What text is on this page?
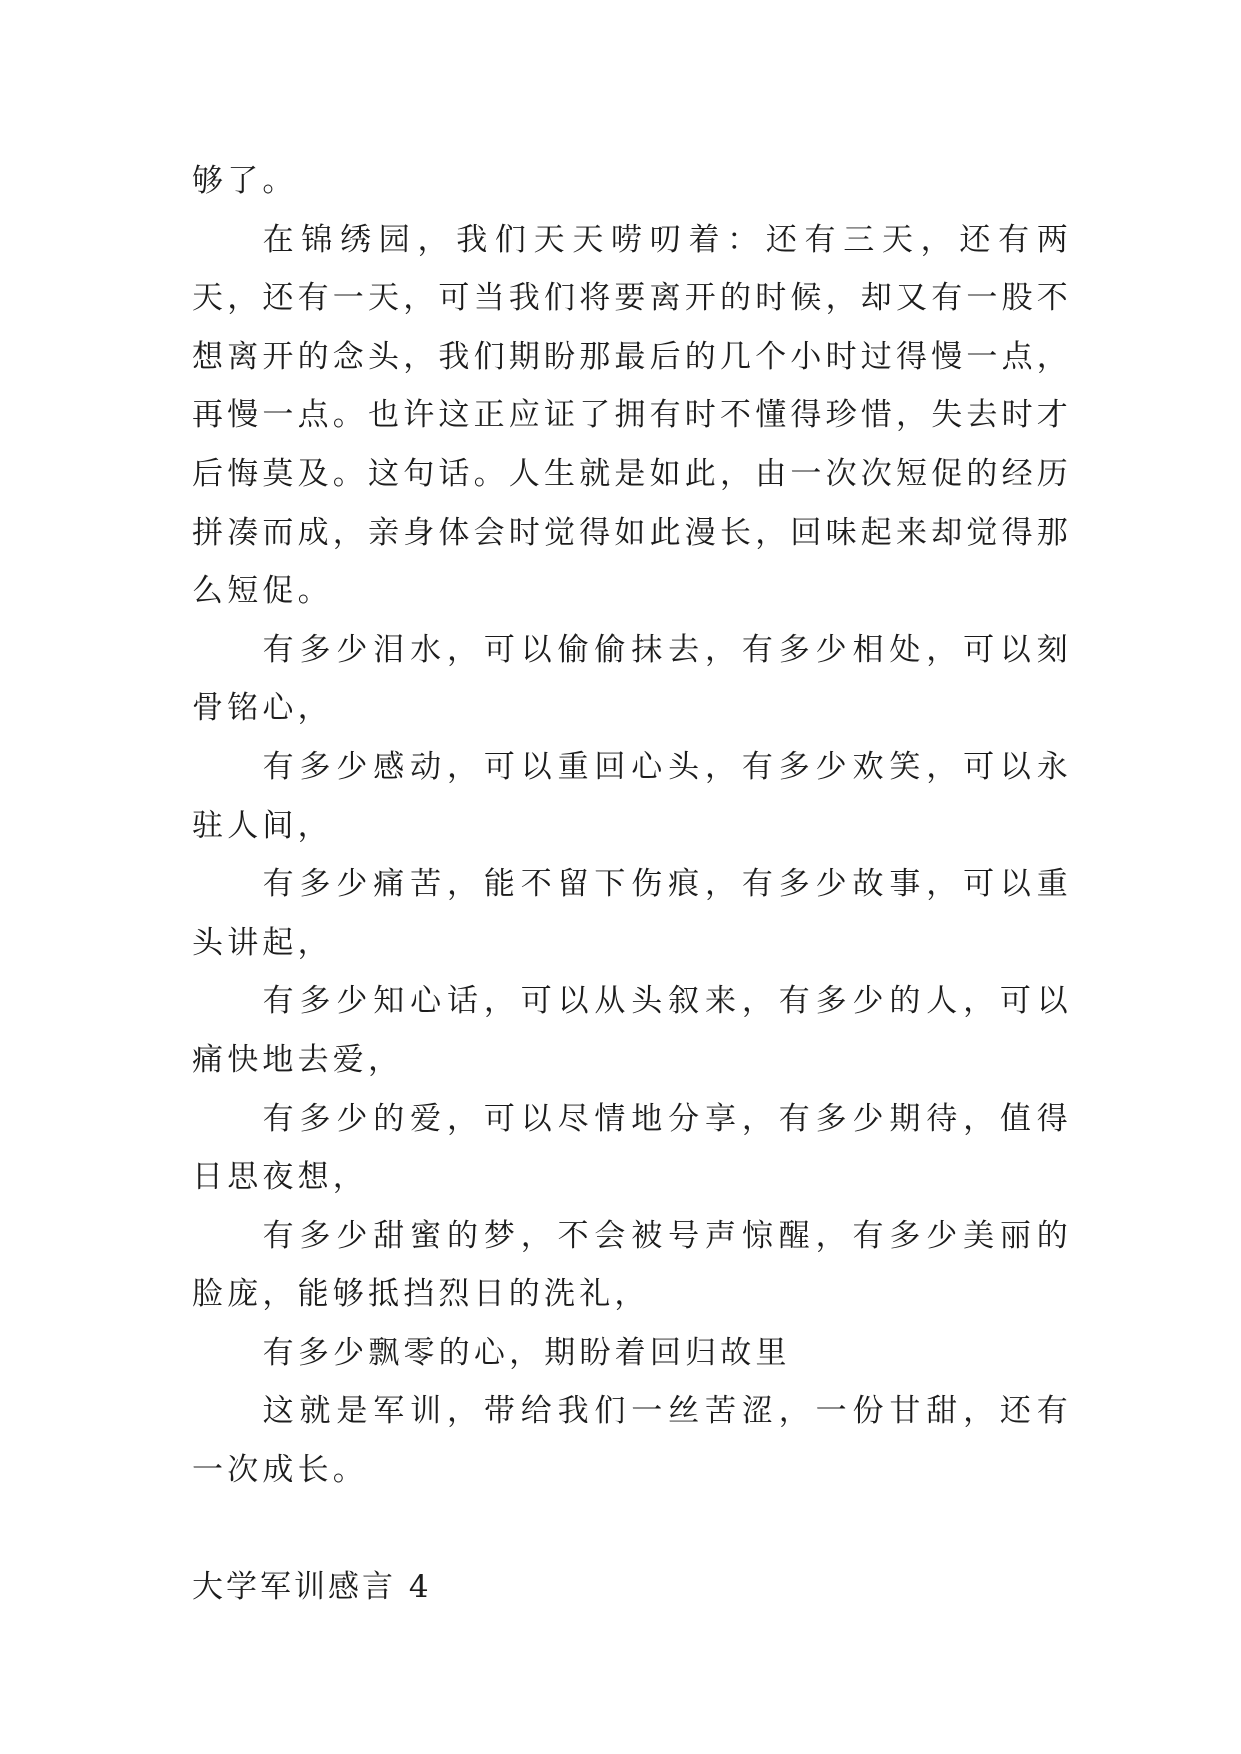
够了。

在锦绣园，我们天天唠叨着：还有三天，还有两天，还有一天，可当我们将要离开的时候，却又有一股不想离开的念头，我们期盼那最后的几个小时过得慢一点，再慢一点。也许这正应证了拥有时不懂得珍惜，失去时才后悔莫及。这句话。人生就是如此，由一次次短促的经历拼凑而成，亲身体会时觉得如此漫长，回味起来却觉得那么短促。

有多少泪水，可以偷偷抹去，有多少相处，可以刻骨铭心，

有多少感动，可以重回心头，有多少欢笑，可以永驻人间，

有多少痛苦，能不留下伤痕，有多少故事，可以重头讲起，

有多少知心话，可以从头叙来，有多少的人，可以痛快地去爱，

有多少的爱，可以尽情地分享，有多少期待，值得日思夜想，

有多少甜蜜的梦，不会被号声惊醒，有多少美丽的脸庞，能够抵挡烈日的洗礼，

有多少飘零的心，期盼着回归故里

这就是军训，带给我们一丝苦涩，一份甘甜，还有一次成长。

大学军训感言 4
